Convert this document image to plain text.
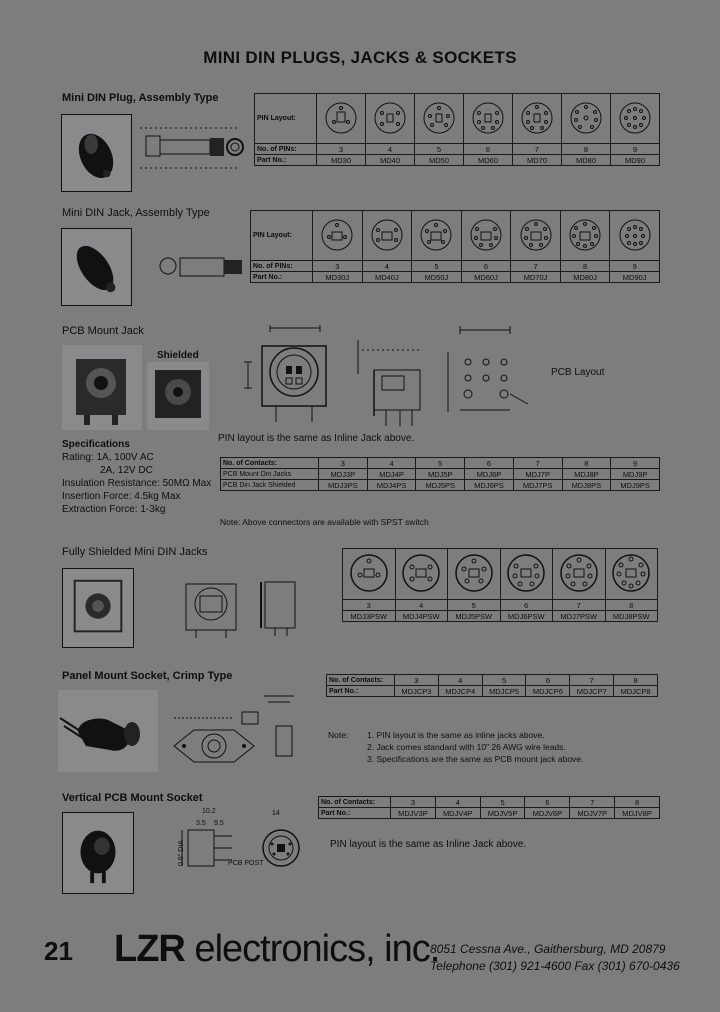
MINI DIN PLUGS, JACKS & SOCKETS
Mini DIN Plug, Assembly Type
PIN Layout:							
No. of PINs:	3	4	5	6	7	8	9
Part No.:	MD30	MD40	MD50	MD60	MD70	MD80	MD90
Mini DIN Jack, Assembly Type
PIN Layout:							
No. of PINs:	3	4	5	6	7	8	9
Part No.:	MD30J	MD40J	MD50J	MD60J	MD70J	MD80J	MD90J
PCB Mount Jack
Shielded
PCB Layout
PIN layout is the same as Inline Jack above.
Specifications
Rating: 1A, 100V AC
2A, 12V DC
Insulation Resistance: 50MΩ Max
Insertion Force: 4.5kg Max
Extraction Force: 1-3kg
No. of Contacts:	3	4	5	6	7	8	9
PCB Mount Din Jacks	MDJ3P	MDJ4P	MDJ5P	MDJ6P	MDJ7P	MDJ8P	MDJ9P
PCB Din Jack Shielded	MDJ3PS	MDJ4PS	MDJ5PS	MDJ6PS	MDJ7PS	MDJ8PS	MDJ9PS
Note: Above connectors are available with SPST switch
Fully Shielded Mini DIN Jacks

3	4	5	6	7	8
MDJ3PSW	MDJ4PSW	MDJ5PSW	MDJ6PSW	MDJ7PSW	MDJ8PSW
Panel Mount Socket, Crimp Type	No. of Contacts:	3	4	5	6	7	8
Part No.:	MDJCP3	MDJCP4	MDJCP5	MDJCP6	MDJCP7	MDJCP8
Note: 1. PIN layout is the same as inline jacks above.
2. Jack comes standard with 10" 26 AWG wire leads.
3. Specifications are the same as PCB mount jack above.
Vertical PCB Mount Socket
10.2
3.5 9.5
14
0.6" DIA	PCB POST
No. of Contacts:	3	4	5	6	7	8
Part No.:	MDJV3P	MDJV4P	MDJV5P	MDJV6P	MDJV7P	MDJV8P
PIN layout is the same as Inline Jack above.
21 LZR electronics, inc.
8051 Cessna Ave., Gaithersburg, MD 20879
Telephone (301) 921-4600 Fax (301) 670-0436
